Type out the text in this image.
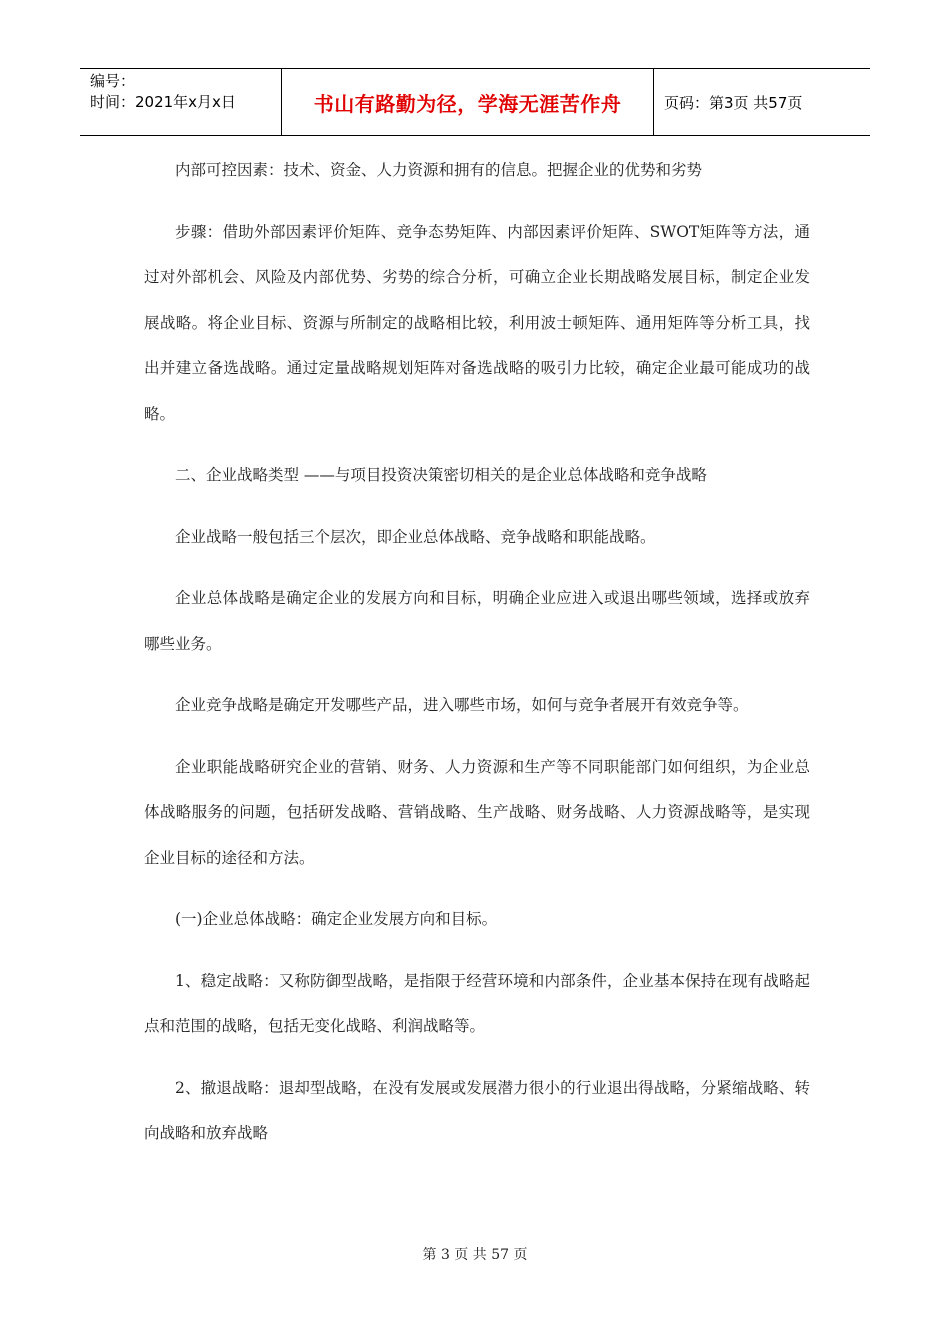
编号：
时间：2021年x月x日	书山有路勤为径，学海无涯苦作舟	页码：第3页 共57页

内部可控因素：技术、资金、人力资源和拥有的信息。把握企业的优势和劣势

步骤：借助外部因素评价矩阵、竞争态势矩阵、内部因素评价矩阵、SWOT矩阵等方法，通过对外部机会、风险及内部优势、劣势的综合分析，可确立企业长期战略发展目标，制定企业发展战略。将企业目标、资源与所制定的战略相比较，利用波士顿矩阵、通用矩阵等分析工具，找出并建立备选战略。通过定量战略规划矩阵对备选战略的吸引力比较，确定企业最可能成功的战略。

二、企业战略类型 ——与项目投资决策密切相关的是企业总体战略和竞争战略

企业战略一般包括三个层次，即企业总体战略、竞争战略和职能战略。

企业总体战略是确定企业的发展方向和目标，明确企业应进入或退出哪些领域，选择或放弃哪些业务。

企业竞争战略是确定开发哪些产品，进入哪些市场，如何与竞争者展开有效竞争等。

企业职能战略研究企业的营销、财务、人力资源和生产等不同职能部门如何组织，为企业总体战略服务的问题，包括研发战略、营销战略、生产战略、财务战略、人力资源战略等，是实现企业目标的途径和方法。

(一)企业总体战略：确定企业发展方向和目标。

1、稳定战略：又称防御型战略，是指限于经营环境和内部条件，企业基本保持在现有战略起点和范围的战略，包括无变化战略、利润战略等。

2、撤退战略：退却型战略，在没有发展或发展潜力很小的行业退出得战略，分紧缩战略、转向战略和放弃战略

第 3 页 共 57 页
